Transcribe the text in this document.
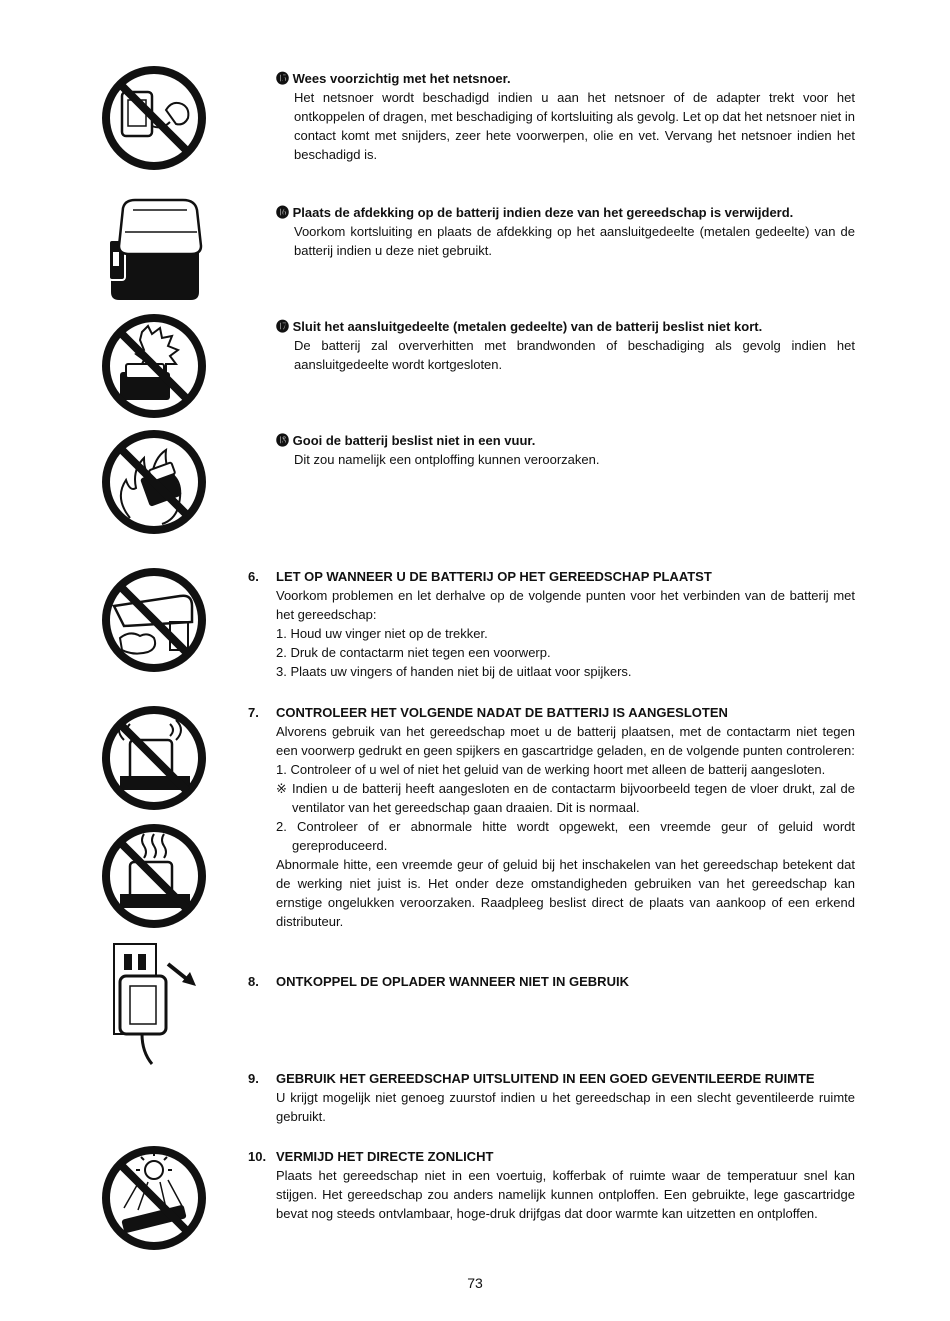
⓯ Wees voorzichtig met het netsnoer.
Het netsnoer wordt beschadigd indien u aan het netsnoer of de adapter trekt voor het ontkoppelen of dragen, met beschadiging of kortsluiting als gevolg. Let op dat het netsnoer niet in contact komt met snijders, zeer hete voorwerpen, olie en vet. Vervang het netsnoer indien het beschadigd is.
⓰ Plaats de afdekking op de batterij indien deze van het gereedschap is verwijderd.
Voorkom kortsluiting en plaats de afdekking op het aansluitgedeelte (metalen gedeelte) van de batterij indien u deze niet gebruikt.
⓱ Sluit het aansluitgedeelte (metalen gedeelte) van de batterij beslist niet kort.
De batterij zal oververhitten met brandwonden of beschadiging als gevolg indien het aansluitgedeelte wordt kortgesloten.
⓲ Gooi de batterij beslist niet in een vuur.
Dit zou namelijk een ontploffing kunnen veroorzaken.
6. LET OP WANNEER U DE BATTERIJ OP HET GEREEDSCHAP PLAATST
Voorkom problemen en let derhalve op de volgende punten voor het verbinden van de batterij met het gereedschap:
1. Houd uw vinger niet op de trekker.
2. Druk de contactarm niet tegen een voorwerp.
3. Plaats uw vingers of handen niet bij de uitlaat voor spijkers.
7. CONTROLEER HET VOLGENDE NADAT DE BATTERIJ IS AANGESLOTEN
Alvorens gebruik van het gereedschap moet u de batterij plaatsen, met de contactarm niet tegen een voorwerp gedrukt en geen spijkers en gascartridge geladen, en de volgende punten controleren:
1. Controleer of u wel of niet het geluid van de werking hoort met alleen de batterij aangesloten.
※ Indien u de batterij heeft aangesloten en de contactarm bijvoorbeeld tegen de vloer drukt, zal de ventilator van het gereedschap gaan draaien. Dit is normaal.
2. Controleer of er abnormale hitte wordt opgewekt, een vreemde geur of geluid wordt gereproduceerd.
Abnormale hitte, een vreemde geur of geluid bij het inschakelen van het gereedschap betekent dat de werking niet juist is. Het onder deze omstandigheden gebruiken van het gereedschap kan ernstige ongelukken veroorzaken. Raadpleeg beslist direct de plaats van aankoop of een erkend distributeur.
8. ONTKOPPEL DE OPLADER WANNEER NIET IN GEBRUIK
9. GEBRUIK HET GEREEDSCHAP UITSLUITEND IN EEN GOED GEVENTILEERDE RUIMTE
U krijgt mogelijk niet genoeg zuurstof indien u het gereedschap in een slecht geventileerde ruimte gebruikt.
10. VERMIJD HET DIRECTE ZONLICHT
Plaats het gereedschap niet in een voertuig, kofferbak of ruimte waar de temperatuur snel kan stijgen. Het gereedschap zou anders namelijk kunnen ontploffen. Een gebruikte, lege gascartridge bevat nog steeds ontvlambaar, hoge-druk drijfgas dat door warmte kan uitzetten en ontploffen.
73
